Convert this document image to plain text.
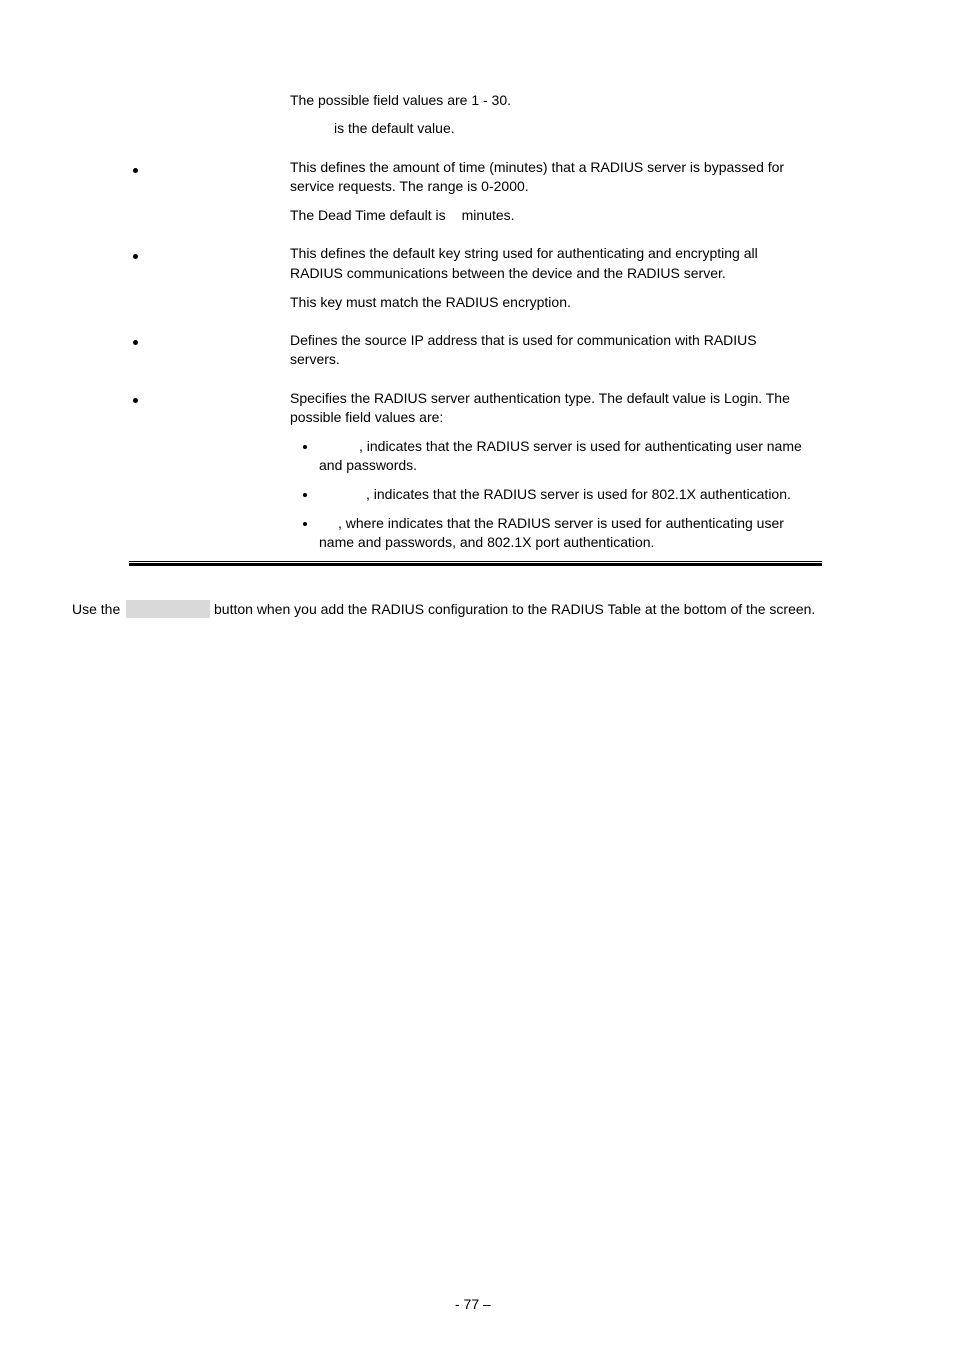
The possible field values are 1 - 30.
is the default value.
This defines the amount of time (minutes) that a RADIUS server is bypassed for
service requests. The range is 0-2000.
The Dead Time default is minutes.
This defines the default key string used for authenticating and encrypting all
RADIUS communications between the device and the RADIUS server.
This key must match the RADIUS encryption.
Defines the source IP address that is used for communication with RADIUS
servers.
Specifies the RADIUS server authentication type. The default value is Login. The
possible field values are:
, indicates that the RADIUS server is used for authenticating user name
and passwords.
, indicates that the RADIUS server is used for 802.1X authentication.
, where indicates that the RADIUS server is used for authenticating user
name and passwords, and 802.1X port authentication.
Use the	button when you add the RADIUS configuration to the RADIUS Table at the bottom of the screen.
- 77 –
